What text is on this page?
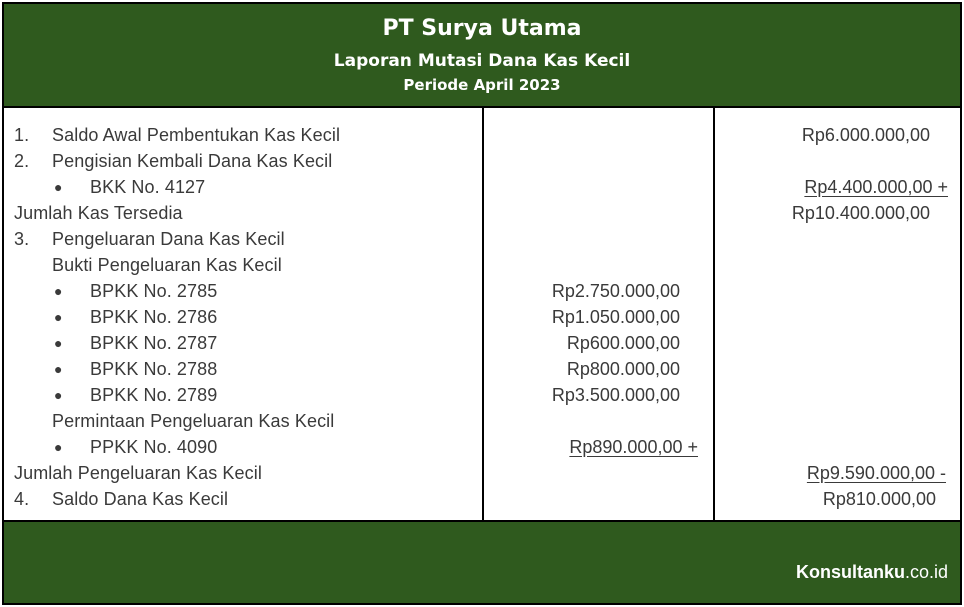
PT Surya Utama
Laporan Mutasi Dana Kas Kecil
Periode April 2023
1. Saldo Awal Pembentukan Kas Kecil	Rp6.000.000,00
2. Pengisian Kembali Dana Kas Kecil
● BKK No. 4127	Rp4.400.000,00 +
Jumlah Kas Tersedia	Rp10.400.000,00
3. Pengeluaran Dana Kas Kecil
Bukti Pengeluaran Kas Kecil
● BPKK No. 2785	Rp2.750.000,00
● BPKK No. 2786	Rp1.050.000,00
● BPKK No. 2787	Rp600.000,00
● BPKK No. 2788	Rp800.000,00
● BPKK No. 2789	Rp3.500.000,00
Permintaan Pengeluaran Kas Kecil
● PPKK No. 4090	Rp890.000,00 +
Jumlah Pengeluaran Kas Kecil	Rp9.590.000,00 -
4. Saldo Dana Kas Kecil	Rp810.000,00
Konsultanku.co.id
